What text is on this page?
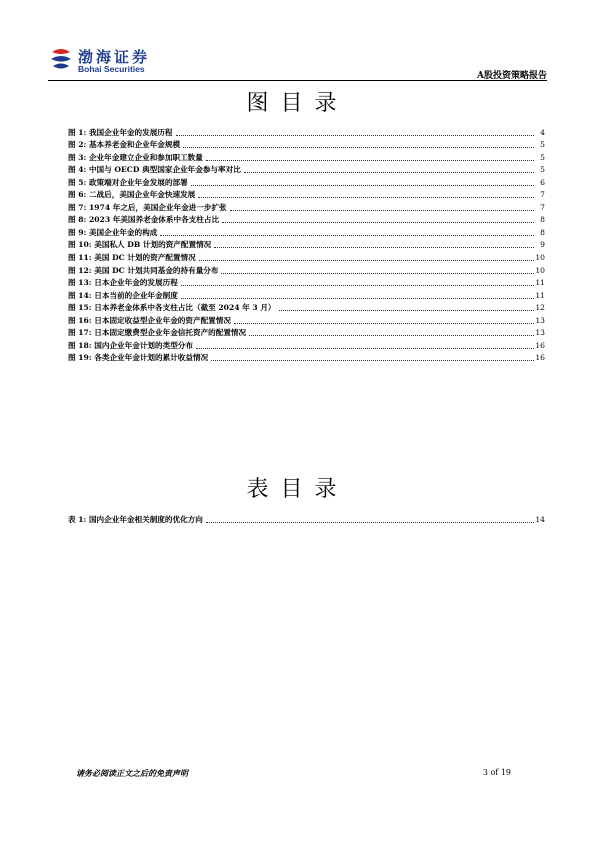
渤海证券
Bohai Securities
A股投资策略报告
图目录
图 1: 我国企业年金的发展历程	4
图 2: 基本养老金和企业年金规模	5
图 3: 企业年金建立企业和参加职工数量	5
图 4: 中国与 OECD 典型国家企业年金参与率对比	5
图 5: 政策端对企业年金发展的部署	6
图 6: 二战后，美国企业年金快速发展	7
图 7: 1974 年之后，美国企业年金进一步扩张	7
图 8: 2023 年美国养老金体系中各支柱占比	8
图 9: 美国企业年金的构成	8
图 10: 美国私人 DB 计划的资产配置情况	9
图 11: 美国 DC 计划的资产配置情况	10
图 12: 美国 DC 计划共同基金的持有量分布	10
图 13: 日本企业年金的发展历程	11
图 14: 日本当前的企业年金制度	11
图 15: 日本养老金体系中各支柱占比（截至 2024 年 3 月）	12
图 16: 日本固定收益型企业年金的资产配置情况	13
图 17: 日本固定缴费型企业年金信托资产的配置情况	13
图 18: 国内企业年金计划的类型分布	16
图 19: 各类企业年金计划的累计收益情况	16
表目录
表 1: 国内企业年金相关制度的优化方向	14
请务必阅读正文之后的免责声明	3 of 19
